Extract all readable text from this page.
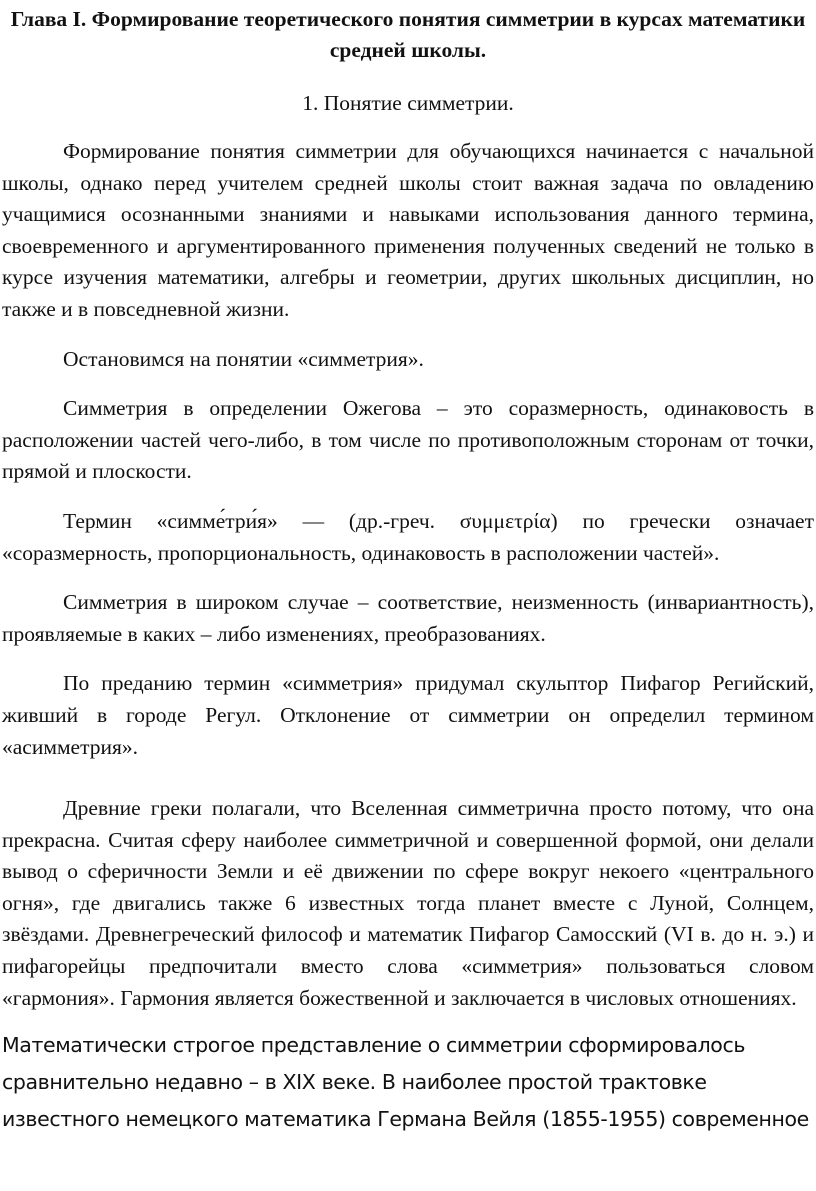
Глава I. Формирование теоретического понятия симметрии в курсах математики средней школы.
1. Понятие симметрии.

Формирование понятия симметрии для обучающихся начинается с начальной школы, однако перед учителем средней школы стоит важная задача по овладению учащимися осознанными знаниями и навыками использования данного термина, своевременного и аргументированного применения полученных сведений не только в курсе изучения математики, алгебры и геометрии, других школьных дисциплин, но также и в повседневной жизни.

Остановимся на понятии «симметрия».

Симметрия в определении Ожегова – это соразмерность, одинаковость в расположении частей чего-либо, в том числе по противоположным сторонам от точки, прямой и плоскости.

Термин «симме́три́я» — (др.-греч. συμμετρία) по гречески означает «соразмерность, пропорциональность, одинаковость в расположении частей».

Симметрия в широком случае – соответствие, неизменность (инвариантность), проявляемые в каких – либо изменениях, преобразованиях.

По преданию термин «симметрия» придумал скульптор Пифагор Регийский, живший в городе Регул. Отклонение от симметрии он определил термином «асимметрия».

Древние греки полагали, что Вселенная симметрична просто потому, что она прекрасна. Считая сферу наиболее симметричной и совершенной формой, они делали вывод о сферичности Земли и её движении по сфере вокруг некоего «центрального огня», где двигались также 6 известных тогда планет вместе с Луной, Солнцем, звёздами. Древнегреческий философ и математик Пифагор Самосский (VI в. до н. э.) и пифагорейцы предпочитали вместо слова «симметрия» пользоваться словом «гармония». Гармония является божественной и заключается в числовых отношениях.

Математически строгое представление о симметрии сформировалось сравнительно недавно – в XIX веке. В наиболее простой трактовке известного немецкого математика Германа Вейля (1855-1955) современное
